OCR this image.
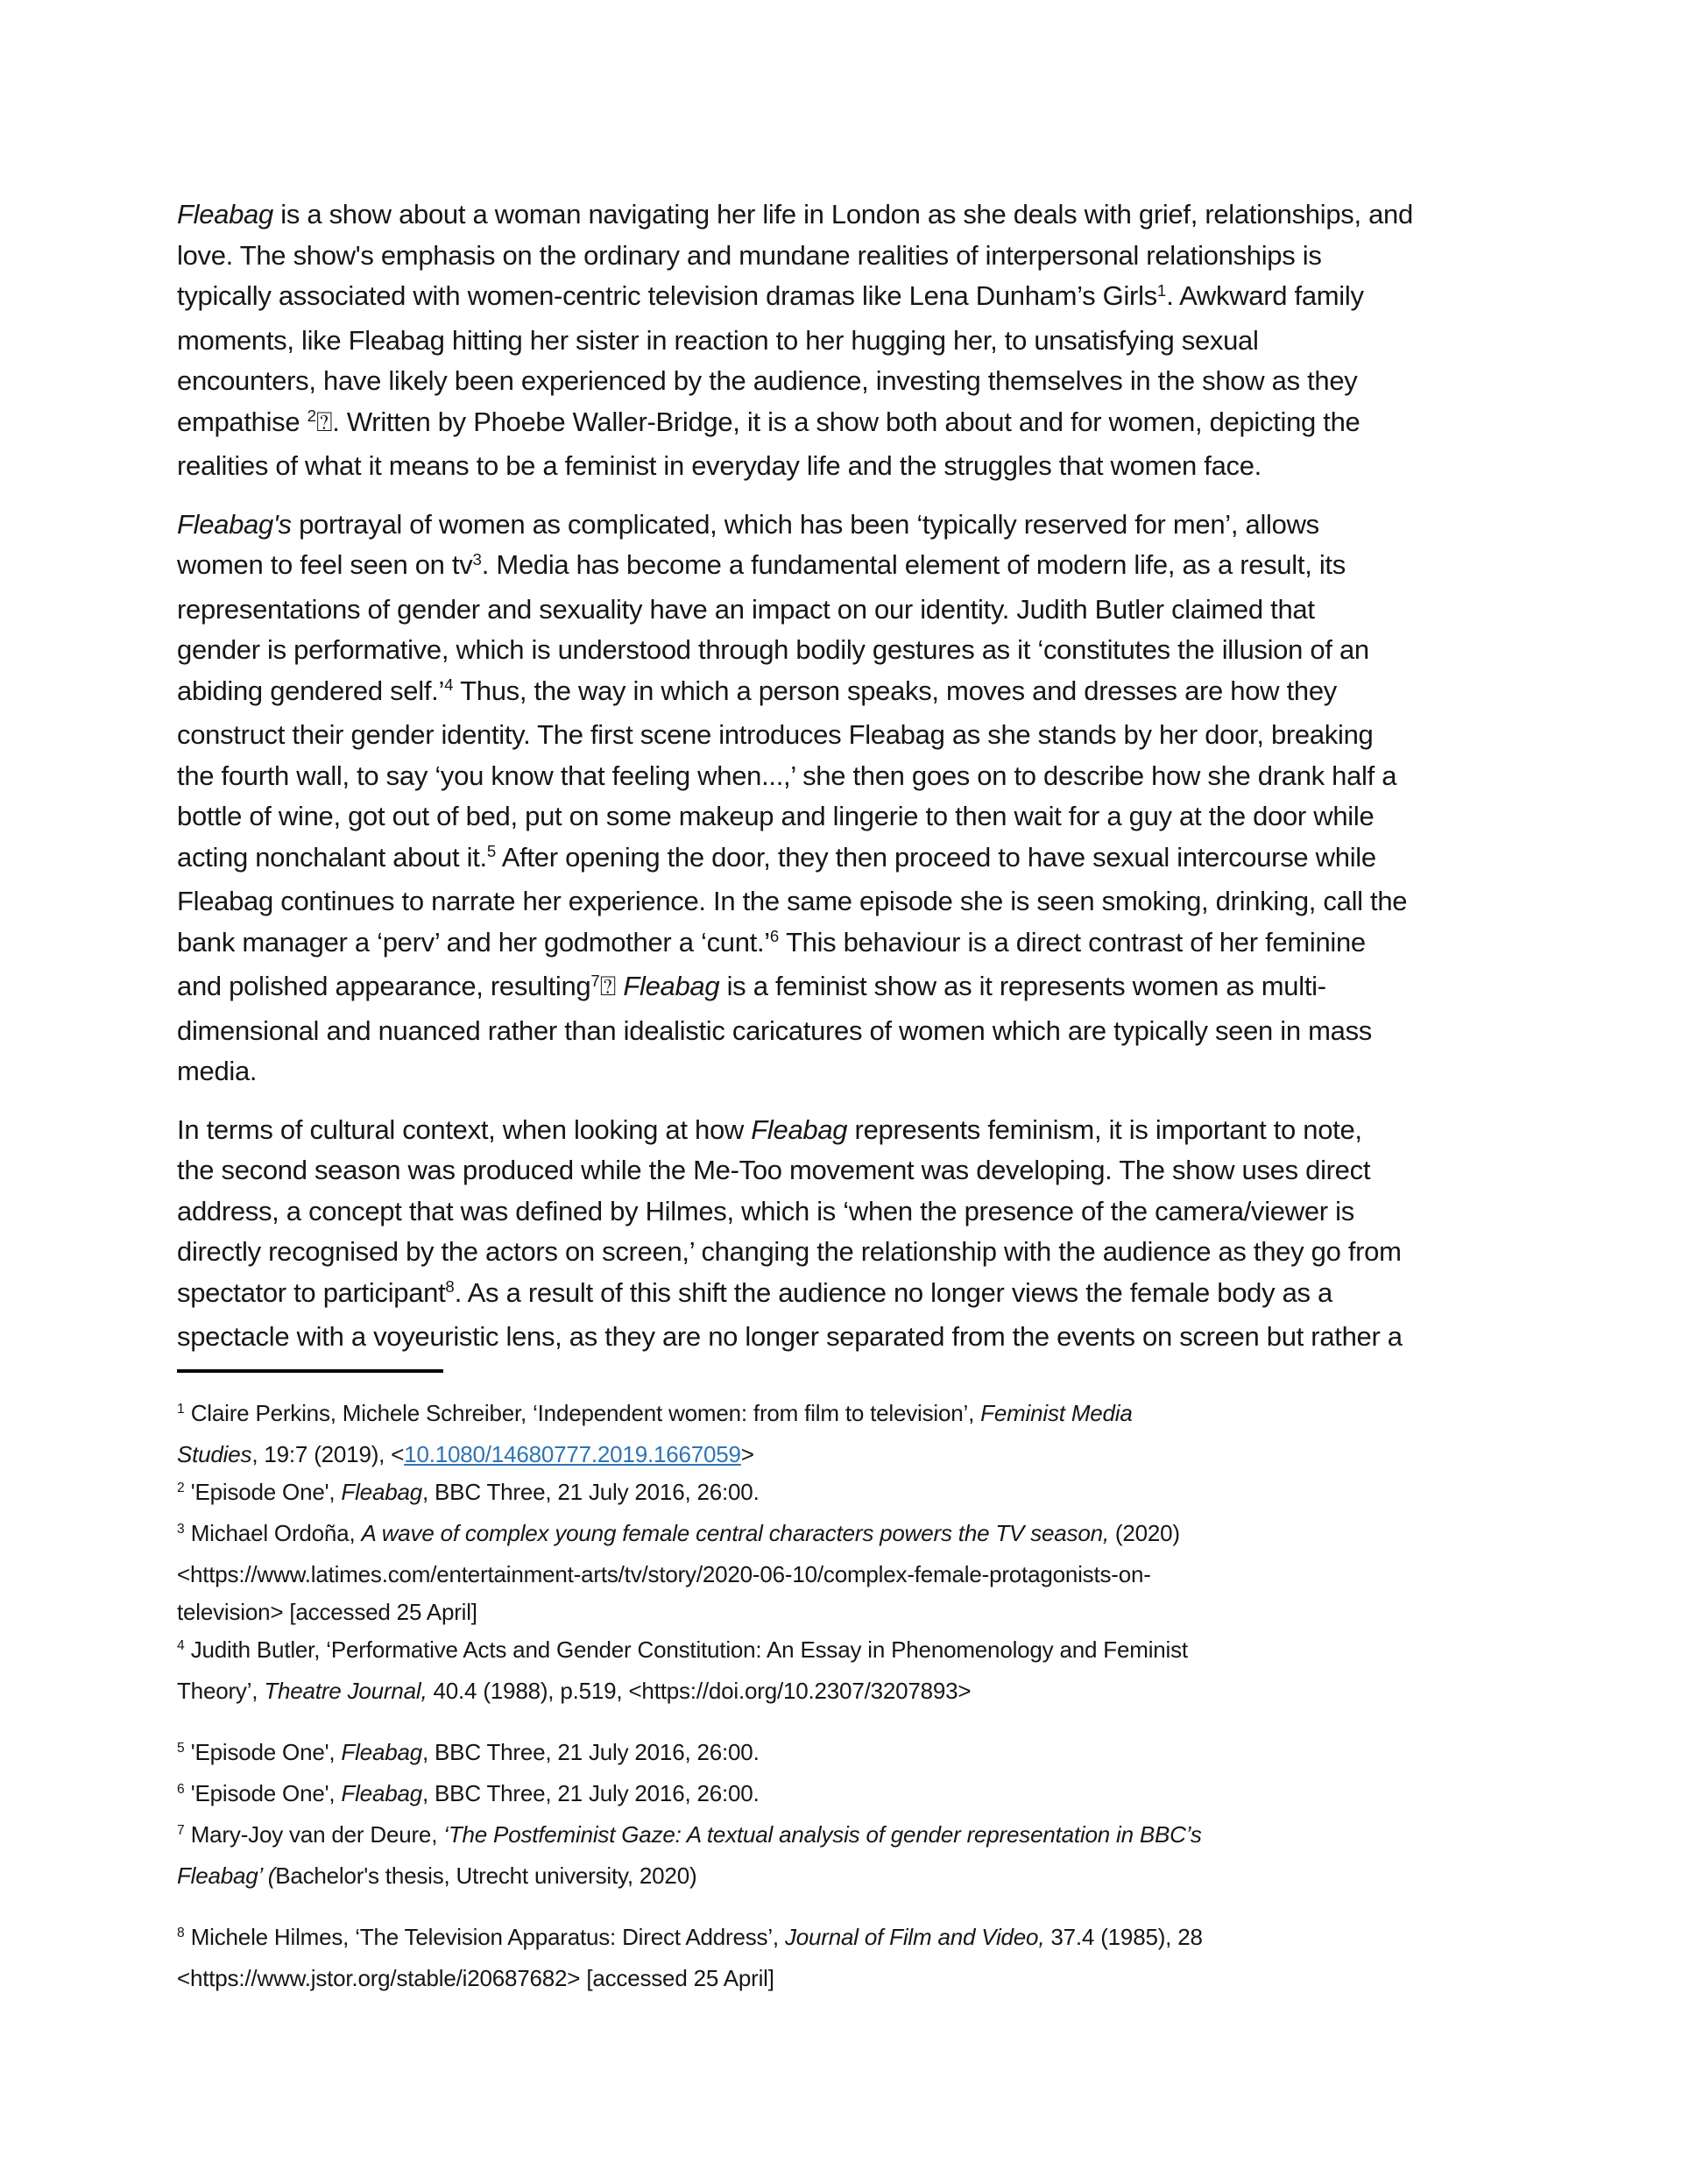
Fleabag is a show about a woman navigating her life in London as she deals with grief, relationships, and
love. The show's emphasis on the ordinary and mundane realities of interpersonal relationships is
typically associated with women-centric television dramas like Lena Dunham’s Girls$^1$. Awkward family
moments, like Fleabag hitting her sister in reaction to her hugging her, to unsatisfying sexual
encounters, have likely been experienced by the audience, investing themselves in the show as they
empathise $^2$⍰. Written by Phoebe Waller-Bridge, it is a show both about and for women, depicting the
realities of what it means to be a feminist in everyday life and the struggles that women face.
Fleabag's portrayal of women as complicated, which has been ‘typically reserved for men’, allows
women to feel seen on $tv^3$. Media has become a fundamental element of modern life, as a result, its
representations of gender and sexuality have an impact on our identity. Judith Butler claimed that
gender is performative, which is understood through bodily gestures as it ‘constitutes the illusion of an
abiding gendered self.’$^4$ Thus, the way in which a person speaks, moves and dresses are how they
construct their gender identity. The first scene introduces Fleabag as she stands by her door, breaking
the fourth wall, to say ‘you know that feeling when...,’ she then goes on to describe how she drank half a
bottle of wine, got out of bed, put on some makeup and lingerie to then wait for a guy at the door while
acting nonchalant about it.$^5$ After opening the door, they then proceed to have sexual intercourse while
Fleabag continues to narrate her experience. In the same episode she is seen smoking, drinking, call the
bank manager a ‘perv’ and her godmother a ‘cunt.’$^6$ This behaviour is a direct contrast of her feminine
and polished appearance, resulting$^7$⍰ Fleabag is a feminist show as it represents women as multi-
dimensional and nuanced rather than idealistic caricatures of women which are typically seen in mass
media.
In terms of cultural context, when looking at how Fleabag represents feminism, it is important to note,
the second season was produced while the Me-Too movement was developing. The show uses direct
address, a concept that was defined by Hilmes, which is ‘when the presence of the camera/viewer is
directly recognised by the actors on screen,’ changing the relationship with the audience as they go from
spectator to participant$^8$. As a result of this shift the audience no longer views the female body as a
spectacle with a voyeuristic lens, as they are no longer separated from the events on screen but rather a
$^1$ Claire Perkins, Michele Schreiber, ‘Independent women: from film to television’, Feminist Media
Studies, 19:7 (2019), <10.1080/14680777.2019.1667059>
$^2$ 'Episode One', Fleabag, BBC Three, 21 July 2016, 26:00.
$^3$ Michael Ordoña, A wave of complex young female central characters powers the TV season, (2020)
<https://www.latimes.com/entertainment-arts/tv/story/2020-06-10/complex-female-protagonists-on-
television> [accessed 25 April]
$^4$ Judith Butler, ‘Performative Acts and Gender Constitution: An Essay in Phenomenology and Feminist
Theory’, Theatre Journal, 40.4 (1988), p.519, <https://doi.org/10.2307/3207893>
$^5$ 'Episode One', Fleabag, BBC Three, 21 July 2016, 26:00.
$^6$ 'Episode One', Fleabag, BBC Three, 21 July 2016, 26:00.
$^7$ Mary-Joy van der Deure, ‘The Postfeminist Gaze: A textual analysis of gender representation in BBC’s
Fleabag’ (Bachelor's thesis, Utrecht university, 2020)
$^8$ Michele Hilmes, ‘The Television Apparatus: Direct Address’, Journal of Film and Video, 37.4 (1985), 28
<https://www.jstor.org/stable/i20687682> [accessed 25 April]
